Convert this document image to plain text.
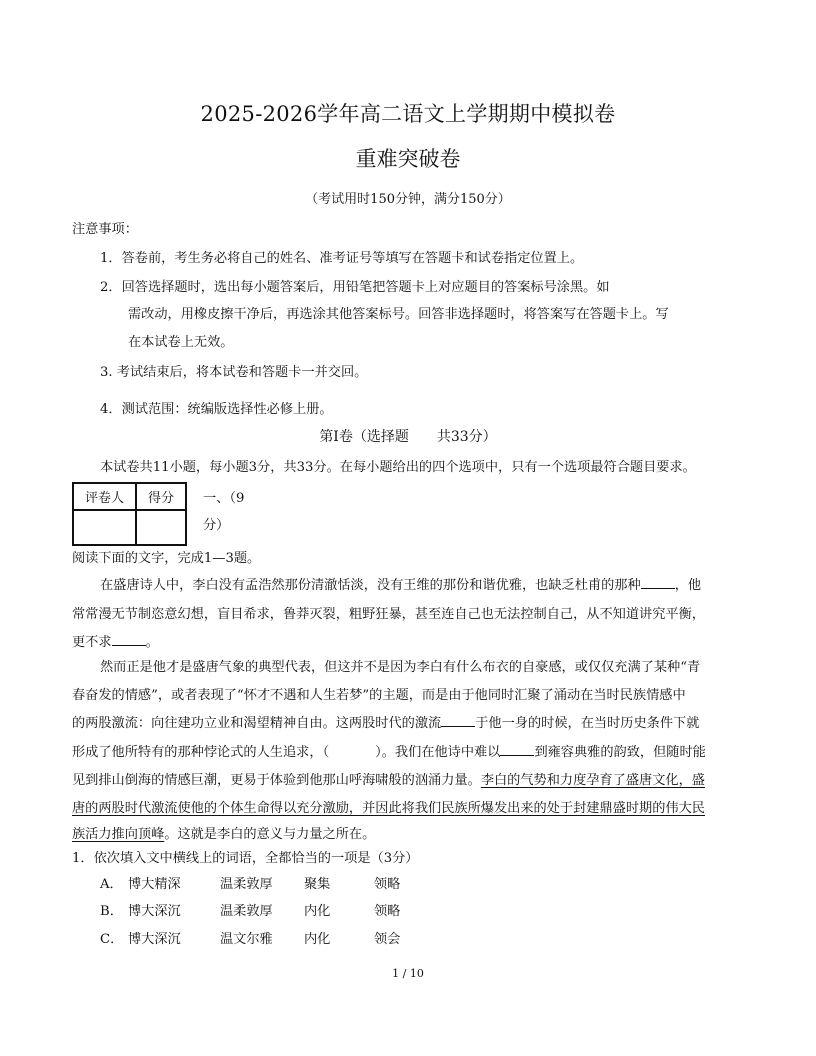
2025-2026学年高二语文上学期期中模拟卷
重难突破卷
（考试用时150分钟，满分150分）
注意事项：
1．答卷前，考生务必将自己的姓名、准考证号等填写在答题卡和试卷指定位置上。
2．回答选择题时，选出每小题答案后，用铅笔把答题卡上对应题目的答案标号涂黑。如
需改动，用橡皮擦干净后，再选涂其他答案标号。回答非选择题时，将答案写在答题卡上。写
在本试卷上无效。
3. 考试结束后，将本试卷和答题卡一并交回。
4．测试范围：统编版选择性必修上册。
第Ⅰ卷（选择题　　共33分）
本试卷共11小题，每小题3分，共33分。在每小题给出的四个选项中，只有一个选项最符合题目要求。
评卷人	得分
	一、（9
分）
阅读下面的文字，完成1—3题。
在盛唐诗人中，李白没有孟浩然那份清澈恬淡，没有王维的那份和谐优雅，也缺乏杜甫的那种	，他
常常漫无节制恣意幻想，盲目希求，鲁莽灭裂，粗野狂暴，甚至连自己也无法控制自己，从不知道讲究平衡，
更不求	。
然而正是他才是盛唐气象的典型代表，但这并不是因为李白有什么布衣的自豪感，或仅仅充满了某种“青
春奋发的情感”，或者表现了“怀才不遇和人生若梦”的主题，而是由于他同时汇聚了涌动在当时民族情感中
的两股激流：向往建功立业和渴望精神自由。这两股时代的激流	于他一身的时候，在当时历史条件下就
形成了他所特有的那种悖论式的人生追求，（	）。我们在他诗中难以	到雍容典雅的韵致，但随时能
见到排山倒海的情感巨潮，更易于体验到他那山呼海啸般的汹涌力量。李白的气势和力度孕育了盛唐文化，盛
唐的两股时代激流使他的个体生命得以充分激励，并因此将我们民族所爆发出来的处于封建鼎盛时期的伟大民
族活力推向顶峰。这就是李白的意义与力量之所在。
1．依次填入文中横线上的词语，全都恰当的一项是（3分）
A． 博大精深	温柔敦厚 聚集	领略
B． 博大深沉	温柔敦厚 内化	领略
C． 博大深沉	温文尔雅 内化	领会
1 / 10
